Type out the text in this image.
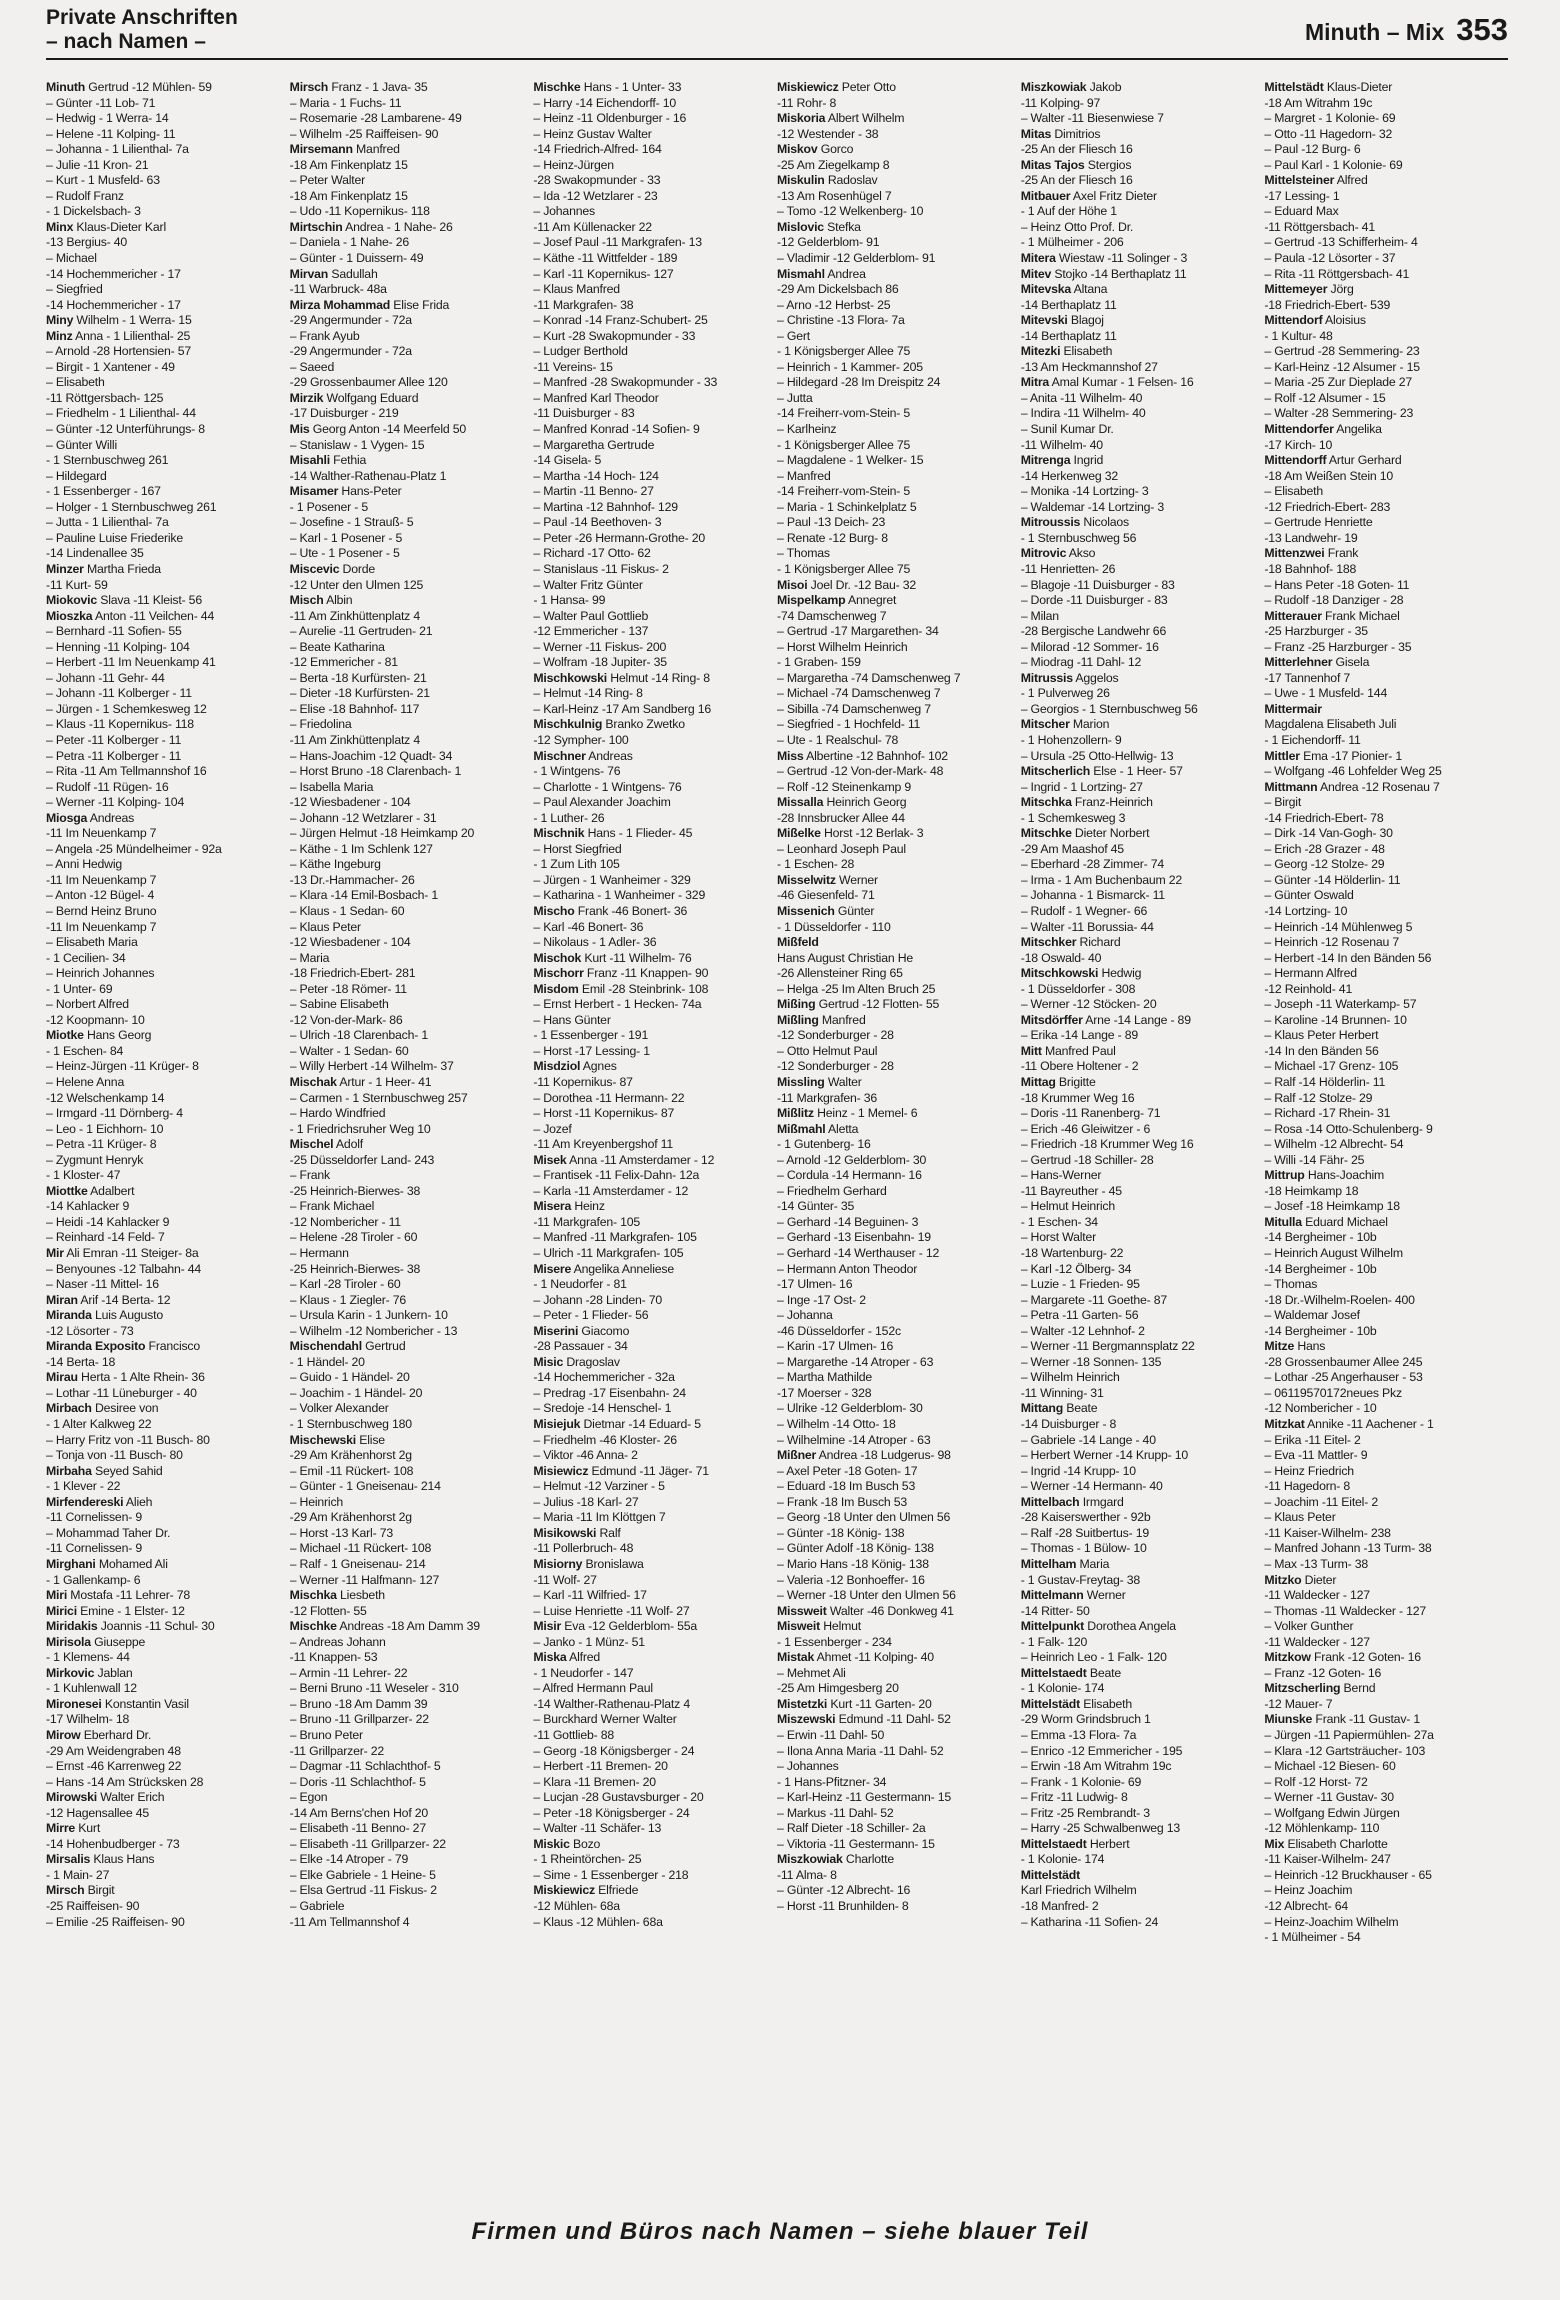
Private Anschriften
– nach Namen –	Minuth – Mix 353
Minuth Gertrud -12 Mühlen- 59
– Günter -11 Lob- 71
– Hedwig - 1 Werra- 14
– Helene -11 Kolping- 11
– Johanna - 1 Lilienthal- 7a
– Julie -11 Kron- 21
– Kurt - 1 Musfeld- 63
– Rudolf Franz
- 1 Dickelsbach- 3
Minx Klaus-Dieter Karl
-13 Bergius- 40
– Michael
-14 Hochemmericher - 17
– Siegfried
-14 Hochemmericher - 17
Miny Wilhelm - 1 Werra- 15
Minz Anna - 1 Lilienthal- 25
– Arnold -28 Hortensien- 57
– Birgit - 1 Xantener - 49
– Elisabeth
-11 Röttgersbach- 125
– Friedhelm - 1 Lilienthal- 44
– Günter -12 Unterführungs- 8
– Günter Willi
- 1 Sternbuschweg 261
– Hildegard
- 1 Essenberger - 167
– Holger - 1 Sternbuschweg 261
– Jutta - 1 Lilienthal- 7a
– Pauline Luise Friederike
-14 Lindenallee 35
Minzer Martha Frieda
-11 Kurt- 59
Miokovic Slava -11 Kleist- 56
Mioszka Anton -11 Veilchen- 44
– Bernhard -11 Sofien- 55
– Henning -11 Kolping- 104
– Herbert -11 Im Neuenkamp 41
– Johann -11 Gehr- 44
– Johann -11 Kolberger - 11
– Jürgen - 1 Schemkesweg 12
– Klaus -11 Kopernikus- 118
– Peter -11 Kolberger - 11
– Petra -11 Kolberger - 11
– Rita -11 Am Tellmannshof 16
– Rudolf -11 Rügen- 16
– Werner -11 Kolping- 104
Miosga Andreas
-11 Im Neuenkamp 7
– Angela -25 Mündelheimer - 92a
– Anni Hedwig
-11 Im Neuenkamp 7
– Anton -12 Bügel- 4
– Bernd Heinz Bruno
-11 Im Neuenkamp 7
– Elisabeth Maria
- 1 Cecilien- 34
– Heinrich Johannes
- 1 Unter- 69
– Norbert Alfred
-12 Koopmann- 10
Miotke Hans Georg
- 1 Eschen- 84
– Heinz-Jürgen -11 Krüger- 8
– Helene Anna
-12 Welschenkamp 14
– Irmgard -11 Dörnberg- 4
– Leo - 1 Eichhorn- 10
– Petra -11 Krüger- 8
– Zygmunt Henryk
- 1 Kloster- 47
Miottke Adalbert
-14 Kahlacker 9
– Heidi -14 Kahlacker 9
– Reinhard -14 Feld- 7
Mir Ali Emran -11 Steiger- 8a
– Benyounes -12 Talbahn- 44
– Naser -11 Mittel- 16
Miran Arif -14 Berta- 12
Miranda Luis Augusto
-12 Lösorter - 73
Miranda Exposito Francisco
-14 Berta- 18
Mirau Herta - 1 Alte Rhein- 36
– Lothar -11 Lüneburger - 40
Mirbach Desiree von
- 1 Alter Kalkweg 22
– Harry Fritz von -11 Busch- 80
– Tonja von -11 Busch- 80
Mirbaha Seyed Sahid
- 1 Klever - 22
Mirfendereski Alieh
-11 Cornelissen- 9
– Mohammad Taher Dr.
-11 Cornelissen- 9
Mirghani Mohamed Ali
- 1 Gallenkamp- 6
Miri Mostafa -11 Lehrer- 78
Mirici Emine - 1 Elster- 12
Miridakis Joannis -11 Schul- 30
Mirisola Giuseppe
- 1 Klemens- 44
Mirkovic Jablan
- 1 Kuhlenwall 12
Mironesei Konstantin Vasil
-17 Wilhelm- 18
Mirow Eberhard Dr.
-29 Am Weidengraben 48
– Ernst -46 Karrenweg 22
– Hans -14 Am Strücksken 28
Mirowski Walter Erich
-12 Hagensallee 45
Mirre Kurt
-14 Hohenbudberger - 73
Mirsalis Klaus Hans
- 1 Main- 27
Mirsch Birgit
-25 Raiffeisen- 90
– Emilie -25 Raiffeisen- 90
Mirsch Franz - 1 Java- 35
– Maria - 1 Fuchs- 11
– Rosemarie -28 Lambarene- 49
– Wilhelm -25 Raiffeisen- 90
Mirsemann Manfred
-18 Am Finkenplatz 15
– Peter Walter
-18 Am Finkenplatz 15
– Udo -11 Kopernikus- 118
Mirtschin Andrea - 1 Nahe- 26
– Daniela - 1 Nahe- 26
– Günter - 1 Duissern- 49
Mirvan Sadullah
-11 Warbruck- 48a
Mirza Mohammad Elise Frida
-29 Angermunder - 72a
– Frank Ayub
-29 Angermunder - 72a
– Saeed
-29 Grossenbaumer Allee 120
Mirzik Wolfgang Eduard
-17 Duisburger - 219
Mis Georg Anton -14 Meerfeld 50
– Stanislaw - 1 Vygen- 15
Misahli Fethia
-14 Walther-Rathenau-Platz 1
Misamer Hans-Peter
- 1 Posener - 5
– Josefine - 1 Strauß- 5
– Karl - 1 Posener - 5
– Ute - 1 Posener - 5
Miscevic Dorde
-12 Unter den Ulmen 125
Misch Albin
-11 Am Zinkhüttenplatz 4
– Aurelie -11 Gertruden- 21
– Beate Katharina
-12 Emmericher - 81
– Berta -18 Kurfürsten- 21
– Dieter -18 Kurfürsten- 21
– Elise -18 Bahnhof- 117
– Friedolina
-11 Am Zinkhüttenplatz 4
– Hans-Joachim -12 Quadt- 34
– Horst Bruno -18 Clarenbach- 1
– Isabella Maria
-12 Wiesbadener - 104
– Johann -12 Wetzlarer - 31
– Jürgen Helmut -18 Heimkamp 20
– Käthe - 1 Im Schlenk 127
– Käthe Ingeburg
-13 Dr.-Hammacher- 26
– Klara -14 Emil-Bosbach- 1
– Klaus - 1 Sedan- 60
– Klaus Peter
-12 Wiesbadener - 104
– Maria
-18 Friedrich-Ebert- 281
– Peter -18 Römer- 11
– Sabine Elisabeth
-12 Von-der-Mark- 86
– Ulrich -18 Clarenbach- 1
– Walter - 1 Sedan- 60
– Willy Herbert -14 Wilhelm- 37
Mischak Artur - 1 Heer- 41
– Carmen - 1 Sternbuschweg 257
– Hardo Windfried
- 1 Friedrichsruher Weg 10
Mischel Adolf
-25 Düsseldorfer Land- 243
– Frank
-25 Heinrich-Bierwes- 38
– Frank Michael
-12 Nombericher - 11
– Helene -28 Tiroler - 60
– Hermann
-25 Heinrich-Bierwes- 38
– Karl -28 Tiroler - 60
– Klaus - 1 Ziegler- 76
– Ursula Karin - 1 Junkern- 10
– Wilhelm -12 Nombericher - 13
Mischendahl Gertrud
- 1 Händel- 20
– Guido - 1 Händel- 20
– Joachim - 1 Händel- 20
– Volker Alexander
- 1 Sternbuschweg 180
Mischewski Elise
-29 Am Krähenhorst 2g
– Emil -11 Rückert- 108
– Günter - 1 Gneisenau- 214
– Heinrich
-29 Am Krähenhorst 2g
– Horst -13 Karl- 73
– Michael -11 Rückert- 108
– Ralf - 1 Gneisenau- 214
– Werner -11 Halfmann- 127
Mischka Liesbeth
-12 Flotten- 55
Mischke Andreas -18 Am Damm 39
– Andreas Johann
-11 Knappen- 53
– Armin -11 Lehrer- 22
– Berni Bruno -11 Weseler - 310
– Bruno -18 Am Damm 39
– Bruno -11 Grillparzer- 22
– Bruno Peter
-11 Grillparzer- 22
– Dagmar -11 Schlachthof- 5
– Doris -11 Schlachthof- 5
– Egon
-14 Am Berns'chen Hof 20
– Elisabeth -11 Benno- 27
– Elisabeth -11 Grillparzer- 22
– Elke -14 Atroper - 79
– Elke Gabriele - 1 Heine- 5
– Elsa Gertrud -11 Fiskus- 2
– Gabriele
-11 Am Tellmannshof 4
Mischke Hans - 1 Unter- 33
– Harry -14 Eichendorff- 10
– Heinz -11 Oldenburger - 16
– Heinz Gustav Walter
-14 Friedrich-Alfred- 164
– Heinz-Jürgen
-28 Swakopmunder - 33
– Ida -12 Wetzlarer - 23
– Johannes
-11 Am Küllenacker 22
– Josef Paul -11 Markgrafen- 13
– Käthe -11 Wittfelder - 189
– Karl -11 Kopernikus- 127
– Klaus Manfred
-11 Markgrafen- 38
– Konrad -14 Franz-Schubert- 25
– Kurt -28 Swakopmunder - 33
– Ludger Berthold
-11 Vereins- 15
– Manfred -28 Swakopmunder - 33
– Manfred Karl Theodor
-11 Duisburger - 83
– Manfred Konrad -14 Sofien- 9
– Margaretha Gertrude
-14 Gisela- 5
– Martha -14 Hoch- 124
– Martin -11 Benno- 27
– Martina -12 Bahnhof- 129
– Paul -14 Beethoven- 3
– Peter -26 Hermann-Grothe- 20
– Richard -17 Otto- 62
– Stanislaus -11 Fiskus- 2
– Walter Fritz Günter
- 1 Hansa- 99
– Walter Paul Gottlieb
-12 Emmericher - 137
– Werner -11 Fiskus- 200
– Wolfram -18 Jupiter- 35
Mischkowski Helmut -14 Ring- 8
– Helmut -14 Ring- 8
– Karl-Heinz -17 Am Sandberg 16
Mischkulnig Branko Zwetko
-12 Sympher- 100
Mischner Andreas
- 1 Wintgens- 76
– Charlotte - 1 Wintgens- 76
– Paul Alexander Joachim
- 1 Luther- 26
Mischnik Hans - 1 Flieder- 45
– Horst Siegfried
- 1 Zum Lith 105
– Jürgen - 1 Wanheimer - 329
– Katharina - 1 Wanheimer - 329
Mischo Frank -46 Bonert- 36
– Karl -46 Bonert- 36
– Nikolaus - 1 Adler- 36
Mischok Kurt -11 Wilhelm- 76
Mischorr Franz -11 Knappen- 90
Misdom Emil -28 Steinbrink- 108
– Ernst Herbert - 1 Hecken- 74a
– Hans Günter
- 1 Essenberger - 191
– Horst -17 Lessing- 1
Misdziol Agnes
-11 Kopernikus- 87
– Dorothea -11 Hermann- 22
– Horst -11 Kopernikus- 87
– Jozef
-11 Am Kreyenbergshof 11
Misek Anna -11 Amsterdamer - 12
– Frantisek -11 Felix-Dahn- 12a
– Karla -11 Amsterdamer - 12
Misera Heinz
-11 Markgrafen- 105
– Manfred -11 Markgrafen- 105
– Ulrich -11 Markgrafen- 105
Misere Angelika Anneliese
- 1 Neudorfer - 81
– Johann -28 Linden- 70
– Peter - 1 Flieder- 56
Miserini Giacomo
-28 Passauer - 34
Misic Dragoslav
-14 Hochemmericher - 32a
– Predrag -17 Eisenbahn- 24
– Sredoje -14 Henschel- 1
Misiejuk Dietmar -14 Eduard- 5
– Friedhelm -46 Kloster- 26
– Viktor -46 Anna- 2
Misiewicz Edmund -11 Jäger- 71
– Helmut -12 Varziner - 5
– Julius -18 Karl- 27
– Maria -11 Im Klöttgen 7
Misikowski Ralf
-11 Pollerbruch- 48
Misiorny Bronislawa
-11 Wolf- 27
– Karl -11 Wilfried- 17
– Luise Henriette -11 Wolf- 27
Misir Eva -12 Gelderblom- 55a
– Janko - 1 Münz- 51
Miska Alfred
- 1 Neudorfer - 147
– Alfred Hermann Paul
-14 Walther-Rathenau-Platz 4
– Burckhard Werner Walter
-11 Gottlieb- 88
– Georg -18 Königsberger - 24
– Herbert -11 Bremen- 20
– Klara -11 Bremen- 20
– Lucjan -28 Gustavsburger - 20
– Peter -18 Königsberger - 24
– Walter -11 Schäfer- 13
Miskic Bozo
- 1 Rheintörchen- 25
– Sime - 1 Essenberger - 218
Miskiewicz Elfriede
-12 Mühlen- 68a
– Klaus -12 Mühlen- 68a
Miskiewicz Peter Otto
-11 Rohr- 8
Miskoria Albert Wilhelm
-12 Westender - 38
Miskov Gorco
-25 Am Ziegelkamp 8
Miskulin Radoslav
-13 Am Rosenhügel 7
– Tomo -12 Welkenberg- 10
Mislovic Stefka
-12 Gelderblom- 91
– Vladimir -12 Gelderblom- 91
Mismahl Andrea
-29 Am Dickelsbach 86
– Arno -12 Herbst- 25
– Christine -13 Flora- 7a
– Gert
- 1 Königsberger Allee 75
– Heinrich - 1 Kammer- 205
– Hildegard -28 Im Dreispitz 24
– Jutta
-14 Freiherr-vom-Stein- 5
– Karlheinz
- 1 Königsberger Allee 75
– Magdalene - 1 Welker- 15
– Manfred
-14 Freiherr-vom-Stein- 5
– Maria - 1 Schinkelplatz 5
– Paul -13 Deich- 23
– Renate -12 Burg- 8
– Thomas
- 1 Königsberger Allee 75
Misoi Joel Dr. -12 Bau- 32
Mispelkamp Annegret
-74 Damschenweg 7
– Gertrud -17 Margarethen- 34
– Horst Wilhelm Heinrich
- 1 Graben- 159
– Margaretha -74 Damschenweg 7
– Michael -74 Damschenweg 7
– Sibilla -74 Damschenweg 7
– Siegfried - 1 Hochfeld- 11
– Ute - 1 Realschul- 78
Miss Albertine -12 Bahnhof- 102
– Gertrud -12 Von-der-Mark- 48
– Rolf -12 Steinenkamp 9
Missalla Heinrich Georg
-28 Innsbrucker Allee 44
Mißelke Horst -12 Berlak- 3
– Leonhard Joseph Paul
- 1 Eschen- 28
Misselwitz Werner
-46 Giesenfeld- 71
Missenich Günter
- 1 Düsseldorfer - 110
Mißfeld
Hans August Christian He
-26 Allensteiner Ring 65
– Helga -25 Im Alten Bruch 25
Mißing Gertrud -12 Flotten- 55
Mißling Manfred
-12 Sonderburger - 28
– Otto Helmut Paul
-12 Sonderburger - 28
Missling Walter
-11 Markgrafen- 36
Mißlitz Heinz - 1 Memel- 6
Mißmahl Aletta
- 1 Gutenberg- 16
– Arnold -12 Gelderblom- 30
– Cordula -14 Hermann- 16
– Friedhelm Gerhard
-14 Günter- 35
– Gerhard -14 Beguinen- 3
– Gerhard -13 Eisenbahn- 19
– Gerhard -14 Werthauser - 12
– Hermann Anton Theodor
-17 Ulmen- 16
– Inge -17 Ost- 2
– Johanna
-46 Düsseldorfer - 152c
– Karin -17 Ulmen- 16
– Margarethe -14 Atroper - 63
– Martha Mathilde
-17 Moerser - 328
– Ulrike -12 Gelderblom- 30
– Wilhelm -14 Otto- 18
– Wilhelmine -14 Atroper - 63
Mißner Andrea -18 Ludgerus- 98
– Axel Peter -18 Goten- 17
– Eduard -18 Im Busch 53
– Frank -18 Im Busch 53
– Georg -18 Unter den Ulmen 56
– Günter -18 König- 138
– Günter Adolf -18 König- 138
– Mario Hans -18 König- 138
– Valeria -12 Bonhoeffer- 16
– Werner -18 Unter den Ulmen 56
Missweit Walter -46 Donkweg 41
Misweit Helmut
- 1 Essenberger - 234
Mistak Ahmet -11 Kolping- 40
– Mehmet Ali
-25 Am Himgesberg 20
Mistetzki Kurt -11 Garten- 20
Miszewski Edmund -11 Dahl- 52
– Erwin -11 Dahl- 50
– Ilona Anna Maria -11 Dahl- 52
– Johannes
- 1 Hans-Pfitzner- 34
– Karl-Heinz -11 Gestermann- 15
– Markus -11 Dahl- 52
– Ralf Dieter -18 Schiller- 2a
– Viktoria -11 Gestermann- 15
Miszkowiak Charlotte
-11 Alma- 8
– Günter -12 Albrecht- 16
– Horst -11 Brunhilden- 8
Miszkowiak Jakob
-11 Kolping- 97
– Walter -11 Biesenwiese 7
Mitas Dimitrios
-25 An der Fliesch 16
Mitas Tajos Stergios
-25 An der Fliesch 16
Mitbauer Axel Fritz Dieter
- 1 Auf der Höhe 1
– Heinz Otto Prof. Dr.
- 1 Mülheimer - 206
Mitera Wiestaw -11 Solinger - 3
Mitev Stojko -14 Berthaplatz 11
Mitevska Altana
-14 Berthaplatz 11
Mitevski Blagoj
-14 Berthaplatz 11
Mitezki Elisabeth
-13 Am Heckmannshof 27
Mitra Amal Kumar - 1 Felsen- 16
– Anita -11 Wilhelm- 40
– Indira -11 Wilhelm- 40
– Sunil Kumar Dr.
-11 Wilhelm- 40
Mitrenga Ingrid
-14 Herkenweg 32
– Monika -14 Lortzing- 3
– Waldemar -14 Lortzing- 3
Mitroussis Nicolaos
- 1 Sternbuschweg 56
Mitrovic Akso
-11 Henrietten- 26
– Blagoje -11 Duisburger - 83
– Dorde -11 Duisburger - 83
– Milan
-28 Bergische Landwehr 66
– Milorad -12 Sommer- 16
– Miodrag -11 Dahl- 12
Mitrussis Aggelos
- 1 Pulverweg 26
– Georgios - 1 Sternbuschweg 56
Mitscher Marion
- 1 Hohenzollern- 9
– Ursula -25 Otto-Hellwig- 13
Mitscherlich Else - 1 Heer- 57
– Ingrid - 1 Lortzing- 27
Mitschka Franz-Heinrich
- 1 Schemkesweg 3
Mitschke Dieter Norbert
-29 Am Maashof 45
– Eberhard -28 Zimmer- 74
– Irma - 1 Am Buchenbaum 22
– Johanna - 1 Bismarck- 11
– Rudolf - 1 Wegner- 66
– Walter -11 Borussia- 44
Mitschker Richard
-18 Oswald- 40
Mitschkowski Hedwig
- 1 Düsseldorfer - 308
– Werner -12 Stöcken- 20
Mitsdörffer Arne -14 Lange - 89
– Erika -14 Lange - 89
Mitt Manfred Paul
-11 Obere Holtener - 2
Mittag Brigitte
-18 Krummer Weg 16
– Doris -11 Ranenberg- 71
– Erich -46 Gleiwitzer - 6
– Friedrich -18 Krummer Weg 16
– Gertrud -18 Schiller- 28
– Hans-Werner
-11 Bayreuther - 45
– Helmut Heinrich
- 1 Eschen- 34
– Horst Walter
-18 Wartenburg- 22
– Karl -12 Ölberg- 34
– Luzie - 1 Frieden- 95
– Margarete -11 Goethe- 87
– Petra -11 Garten- 56
– Walter -12 Lehnhof- 2
– Werner -11 Bergmannsplatz 22
– Werner -18 Sonnen- 135
– Wilhelm Heinrich
-11 Winning- 31
Mittang Beate
-14 Duisburger - 8
– Gabriele -14 Lange - 40
– Herbert Werner -14 Krupp- 10
– Ingrid -14 Krupp- 10
– Werner -14 Hermann- 40
Mittelbach Irmgard
-28 Kaiserswerther - 92b
– Ralf -28 Suitbertus- 19
– Thomas - 1 Bülow- 10
Mittelham Maria
- 1 Gustav-Freytag- 38
Mittelmann Werner
-14 Ritter- 50
Mittelpunkt Dorothea Angela
- 1 Falk- 120
– Heinrich Leo - 1 Falk- 120
Mittelstaedt Beate
- 1 Kolonie- 174
Mittelstädt Elisabeth
-29 Worm Grindsbruch 1
– Emma -13 Flora- 7a
– Enrico -12 Emmericher - 195
– Erwin -18 Am Witrahm 19c
– Frank - 1 Kolonie- 69
– Fritz -11 Ludwig- 8
– Fritz -25 Rembrandt- 3
– Harry -25 Schwalbenweg 13
Mittelstaedt Herbert
- 1 Kolonie- 174
Mittelstädt
Karl Friedrich Wilhelm
-18 Manfred- 2
– Katharina -11 Sofien- 24
Mittelstädt Klaus-Dieter
-18 Am Witrahm 19c
– Margret - 1 Kolonie- 69
– Otto -11 Hagedorn- 32
– Paul -12 Burg- 6
– Paul Karl - 1 Kolonie- 69
Mittelsteiner Alfred
-17 Lessing- 1
– Eduard Max
-11 Röttgersbach- 41
– Gertrud -13 Schifferheim- 4
– Paula -12 Lösorter - 37
– Rita -11 Röttgersbach- 41
Mittemeyer Jörg
-18 Friedrich-Ebert- 539
Mittendorf Aloisius
- 1 Kultur- 48
– Gertrud -28 Semmering- 23
– Karl-Heinz -12 Alsumer - 15
– Maria -25 Zur Dieplade 27
– Rolf -12 Alsumer - 15
– Walter -28 Semmering- 23
Mittendorfer Angelika
-17 Kirch- 10
Mittendorff Artur Gerhard
-18 Am Weißen Stein 10
– Elisabeth
-12 Friedrich-Ebert- 283
– Gertrude Henriette
-13 Landwehr- 19
Mittenzwei Frank
-18 Bahnhof- 188
– Hans Peter -18 Goten- 11
– Rudolf -18 Danziger - 28
Mitterauer Frank Michael
-25 Harzburger - 35
– Franz -25 Harzburger - 35
Mitterlehner Gisela
-17 Tannenhof 7
– Uwe - 1 Musfeld- 144
Mittermair
Magdalena Elisabeth Juli
- 1 Eichendorff- 11
Mittler Ema -17 Pionier- 1
– Wolfgang -46 Lohfelder Weg 25
Mittmann Andrea -12 Rosenau 7
– Birgit
-14 Friedrich-Ebert- 78
– Dirk -14 Van-Gogh- 30
– Erich -28 Grazer - 48
– Georg -12 Stolze- 29
– Günter -14 Hölderlin- 11
– Günter Oswald
-14 Lortzing- 10
– Heinrich -14 Mühlenweg 5
– Heinrich -12 Rosenau 7
– Herbert -14 In den Bänden 56
– Hermann Alfred
-12 Reinhold- 41
– Joseph -11 Waterkamp- 57
– Karoline -14 Brunnen- 10
– Klaus Peter Herbert
-14 In den Bänden 56
– Michael -17 Grenz- 105
– Ralf -14 Hölderlin- 11
– Ralf -12 Stolze- 29
– Richard -17 Rhein- 31
– Rosa -14 Otto-Schulenberg- 9
– Wilhelm -12 Albrecht- 54
– Willi -14 Fähr- 25
Mittrup Hans-Joachim
-18 Heimkamp 18
– Josef -18 Heimkamp 18
Mitulla Eduard Michael
-14 Bergheimer - 10b
– Heinrich August Wilhelm
-14 Bergheimer - 10b
– Thomas
-18 Dr.-Wilhelm-Roelen- 400
– Waldemar Josef
-14 Bergheimer - 10b
Mitze Hans
-28 Grossenbaumer Allee 245
– Lothar -25 Angerhauser - 53
– 06119570172neues Pkz
-12 Nombericher - 10
Mitzkat Annike -11 Aachener - 1
– Erika -11 Eitel- 2
– Eva -11 Mattler- 9
– Heinz Friedrich
-11 Hagedorn- 8
– Joachim -11 Eitel- 2
– Klaus Peter
-11 Kaiser-Wilhelm- 238
– Manfred Johann -13 Turm- 38
– Max -13 Turm- 38
Mitzko Dieter
-11 Waldecker - 127
– Thomas -11 Waldecker - 127
– Volker Gunther
-11 Waldecker - 127
Mitzkow Frank -12 Goten- 16
– Franz -12 Goten- 16
Mitzscherling Bernd
-12 Mauer- 7
Miunske Frank -11 Gustav- 1
– Jürgen -11 Papiermühlen- 27a
– Klara -12 Gartsträucher- 103
– Michael -12 Biesen- 60
– Rolf -12 Horst- 72
– Werner -11 Gustav- 30
– Wolfgang Edwin Jürgen
-12 Möhlenkamp- 110
Mix Elisabeth Charlotte
-11 Kaiser-Wilhelm- 247
– Heinrich -12 Bruckhauser - 65
– Heinz Joachim
-12 Albrecht- 64
– Heinz-Joachim Wilhelm
- 1 Mülheimer - 54
Firmen und Büros nach Namen – siehe blauer Teil
